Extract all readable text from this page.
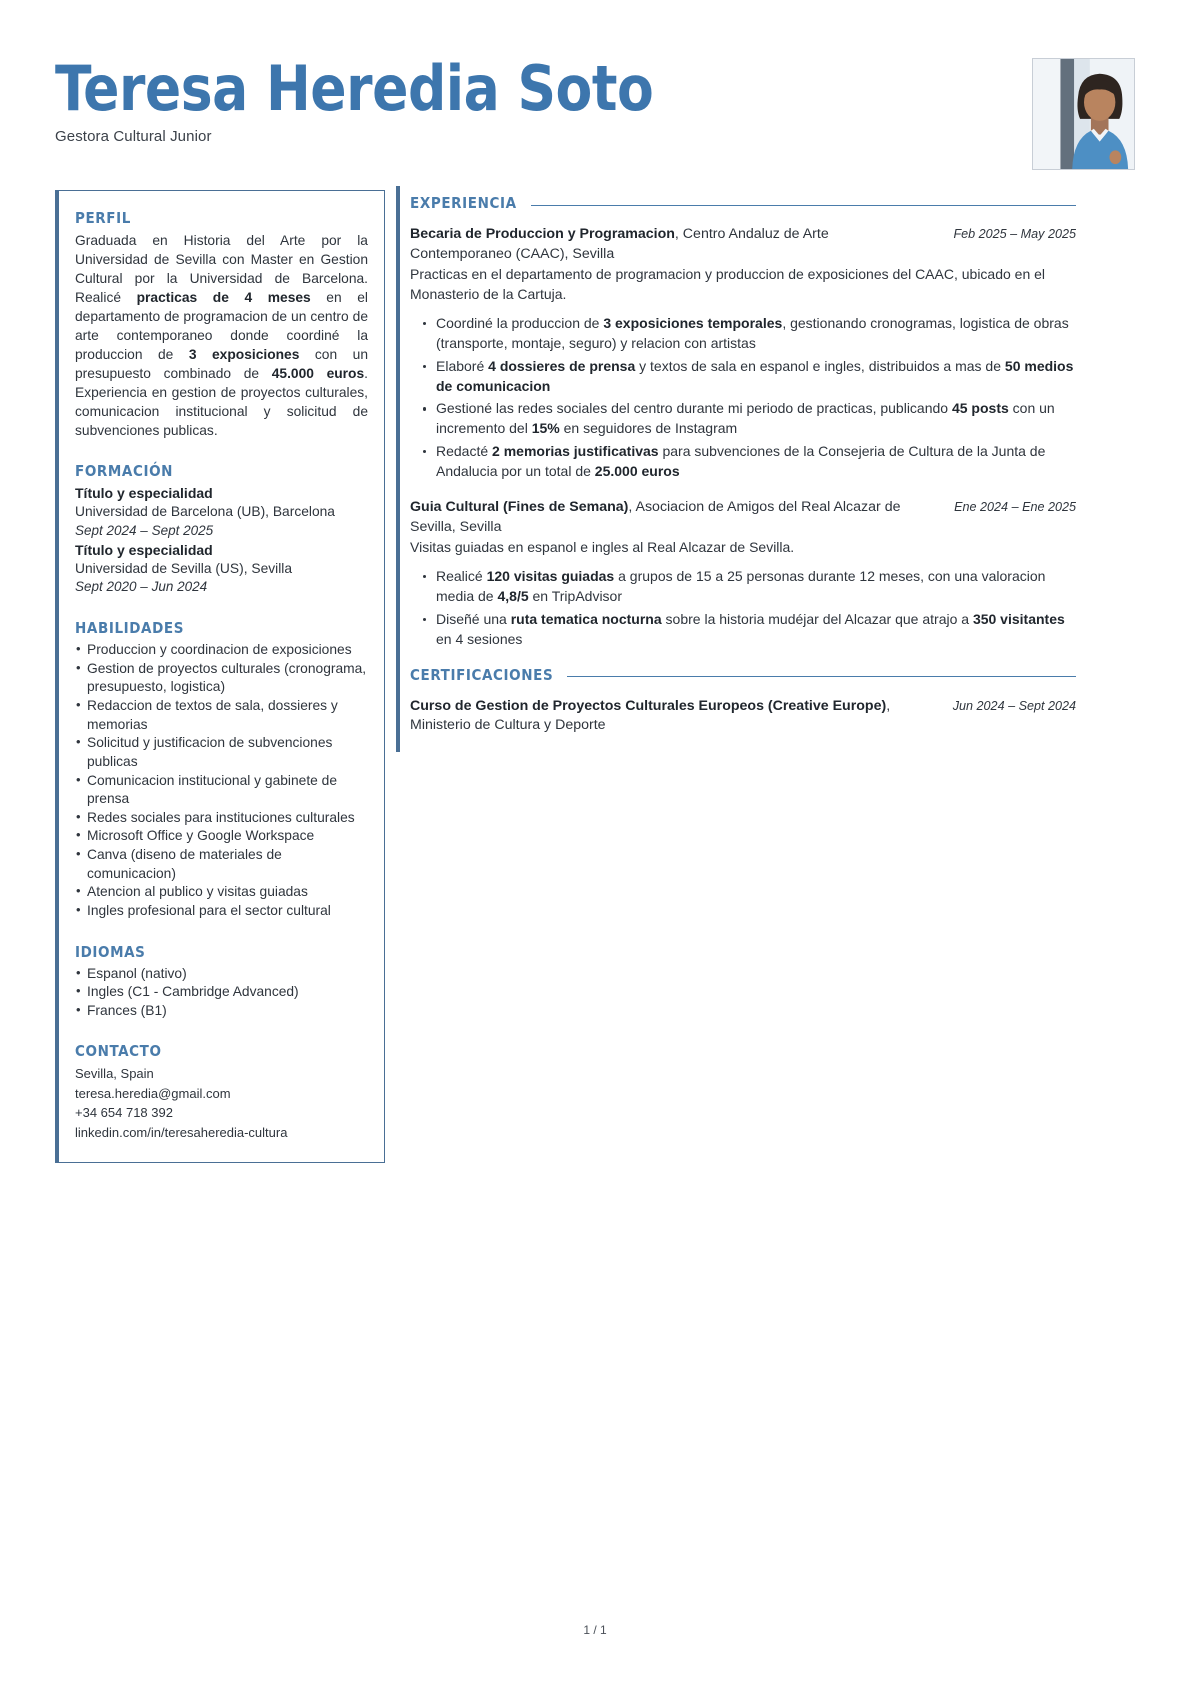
Teresa Heredia Soto
Gestora Cultural Junior
PERFIL

Graduada en Historia del Arte por la Universidad de Sevilla con Master en Gestion Cultural por la Universidad de Barcelona. Realicé practicas de 4 meses en el departamento de programacion de un centro de arte contemporaneo donde coordiné la produccion de 3 exposiciones con un presupuesto combinado de 45.000 euros. Experiencia en gestion de proyectos culturales, comunicacion institucional y solicitud de subvenciones publicas.

FORMACIÓN
Título y especialidad
Universidad de Barcelona (UB), Barcelona
Sept 2024 – Sept 2025
Título y especialidad
Universidad de Sevilla (US), Sevilla
Sept 2020 – Jun 2024
HABILIDADES
• Produccion y coordinacion de exposiciones
• Gestion de proyectos culturales (cronograma, presupuesto, logistica)
• Redaccion de textos de sala, dossieres y memorias
• Solicitud y justificacion de subvenciones publicas
• Comunicacion institucional y gabinete de prensa
• Redes sociales para instituciones culturales
• Microsoft Office y Google Workspace
• Canva (diseno de materiales de comunicacion)
• Atencion al publico y visitas guiadas
• Ingles profesional para el sector cultural
IDIOMAS
• Espanol (nativo)
• Ingles (C1 - Cambridge Advanced)
• Frances (B1)
CONTACTO
Sevilla, Spain
teresa.heredia@gmail.com
+34 654 718 392
linkedin.com/in/teresaheredia-cultura
EXPERIENCIA
Becaria de Produccion y Programacion, Centro Andaluz de Arte Contemporaneo (CAAC), Sevilla
Feb 2025 – May 2025
Practicas en el departamento de programacion y produccion de exposiciones del CAAC, ubicado en el Monasterio de la Cartuja.
Coordiné la produccion de 3 exposiciones temporales, gestionando cronogramas, logistica de obras (transporte, montaje, seguro) y relacion con artistas
Elaboré 4 dossieres de prensa y textos de sala en espanol e ingles, distribuidos a mas de 50 medios de comunicacion
Gestioné las redes sociales del centro durante mi periodo de practicas, publicando 45 posts con un incremento del 15% en seguidores de Instagram
Redacté 2 memorias justificativas para subvenciones de la Consejeria de Cultura de la Junta de Andalucia por un total de 25.000 euros
Guia Cultural (Fines de Semana), Asociacion de Amigos del Real Alcazar de Sevilla, Sevilla
Ene 2024 – Ene 2025
Visitas guiadas en espanol e ingles al Real Alcazar de Sevilla.
Realicé 120 visitas guiadas a grupos de 15 a 25 personas durante 12 meses, con una valoracion media de 4,8/5 en TripAdvisor
Diseñé una ruta tematica nocturna sobre la historia mudéjar del Alcazar que atrajo a 350 visitantes en 4 sesiones
CERTIFICACIONES
Curso de Gestion de Proyectos Culturales Europeos (Creative Europe), Ministerio de Cultura y Deporte
Jun 2024 – Sept 2024
1 / 1
